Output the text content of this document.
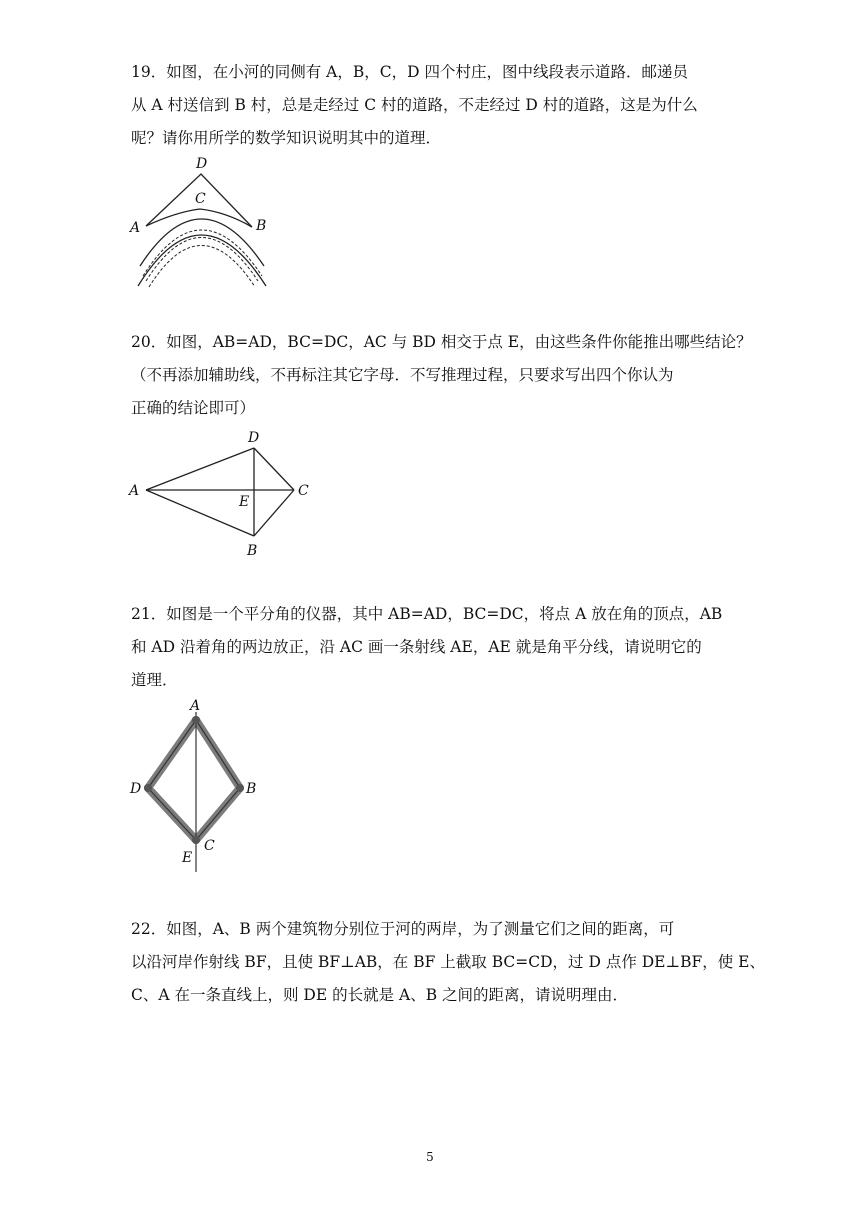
19．如图，在小河的同侧有 A，B，C，D 四个村庄，图中线段表示道路．邮递员

从 A 村送信到 B 村，总是走经过 C 村的道路，不走经过 D 村的道路，这是为什么

呢？请你用所学的数学知识说明其中的道理．

D
C
A	B

20．如图，AB=AD，BC=DC，AC 与 BD 相交于点 E，由这些条件你能推出哪些结论？

（不再添加辅助线，不再标注其它字母．不写推理过程，只要求写出四个你认为

正确的结论即可）

D
A
E
C
B

21．如图是一个平分角的仪器，其中 AB=AD，BC=DC，将点 A 放在角的顶点，AB

和 AD 沿着角的两边放正，沿 AC 画一条射线 AE，AE 就是角平分线，请说明它的

道理．

A
D	B
E
C

22．如图，A、B 两个建筑物分别位于河的两岸，为了测量它们之间的距离，可

以沿河岸作射线 BF，且使 BF⊥AB，在 BF 上截取 BC=CD，过 D 点作 DE⊥BF，使 E、

C、A 在一条直线上，则 DE 的长就是 A、B 之间的距离，请说明理由．

5
